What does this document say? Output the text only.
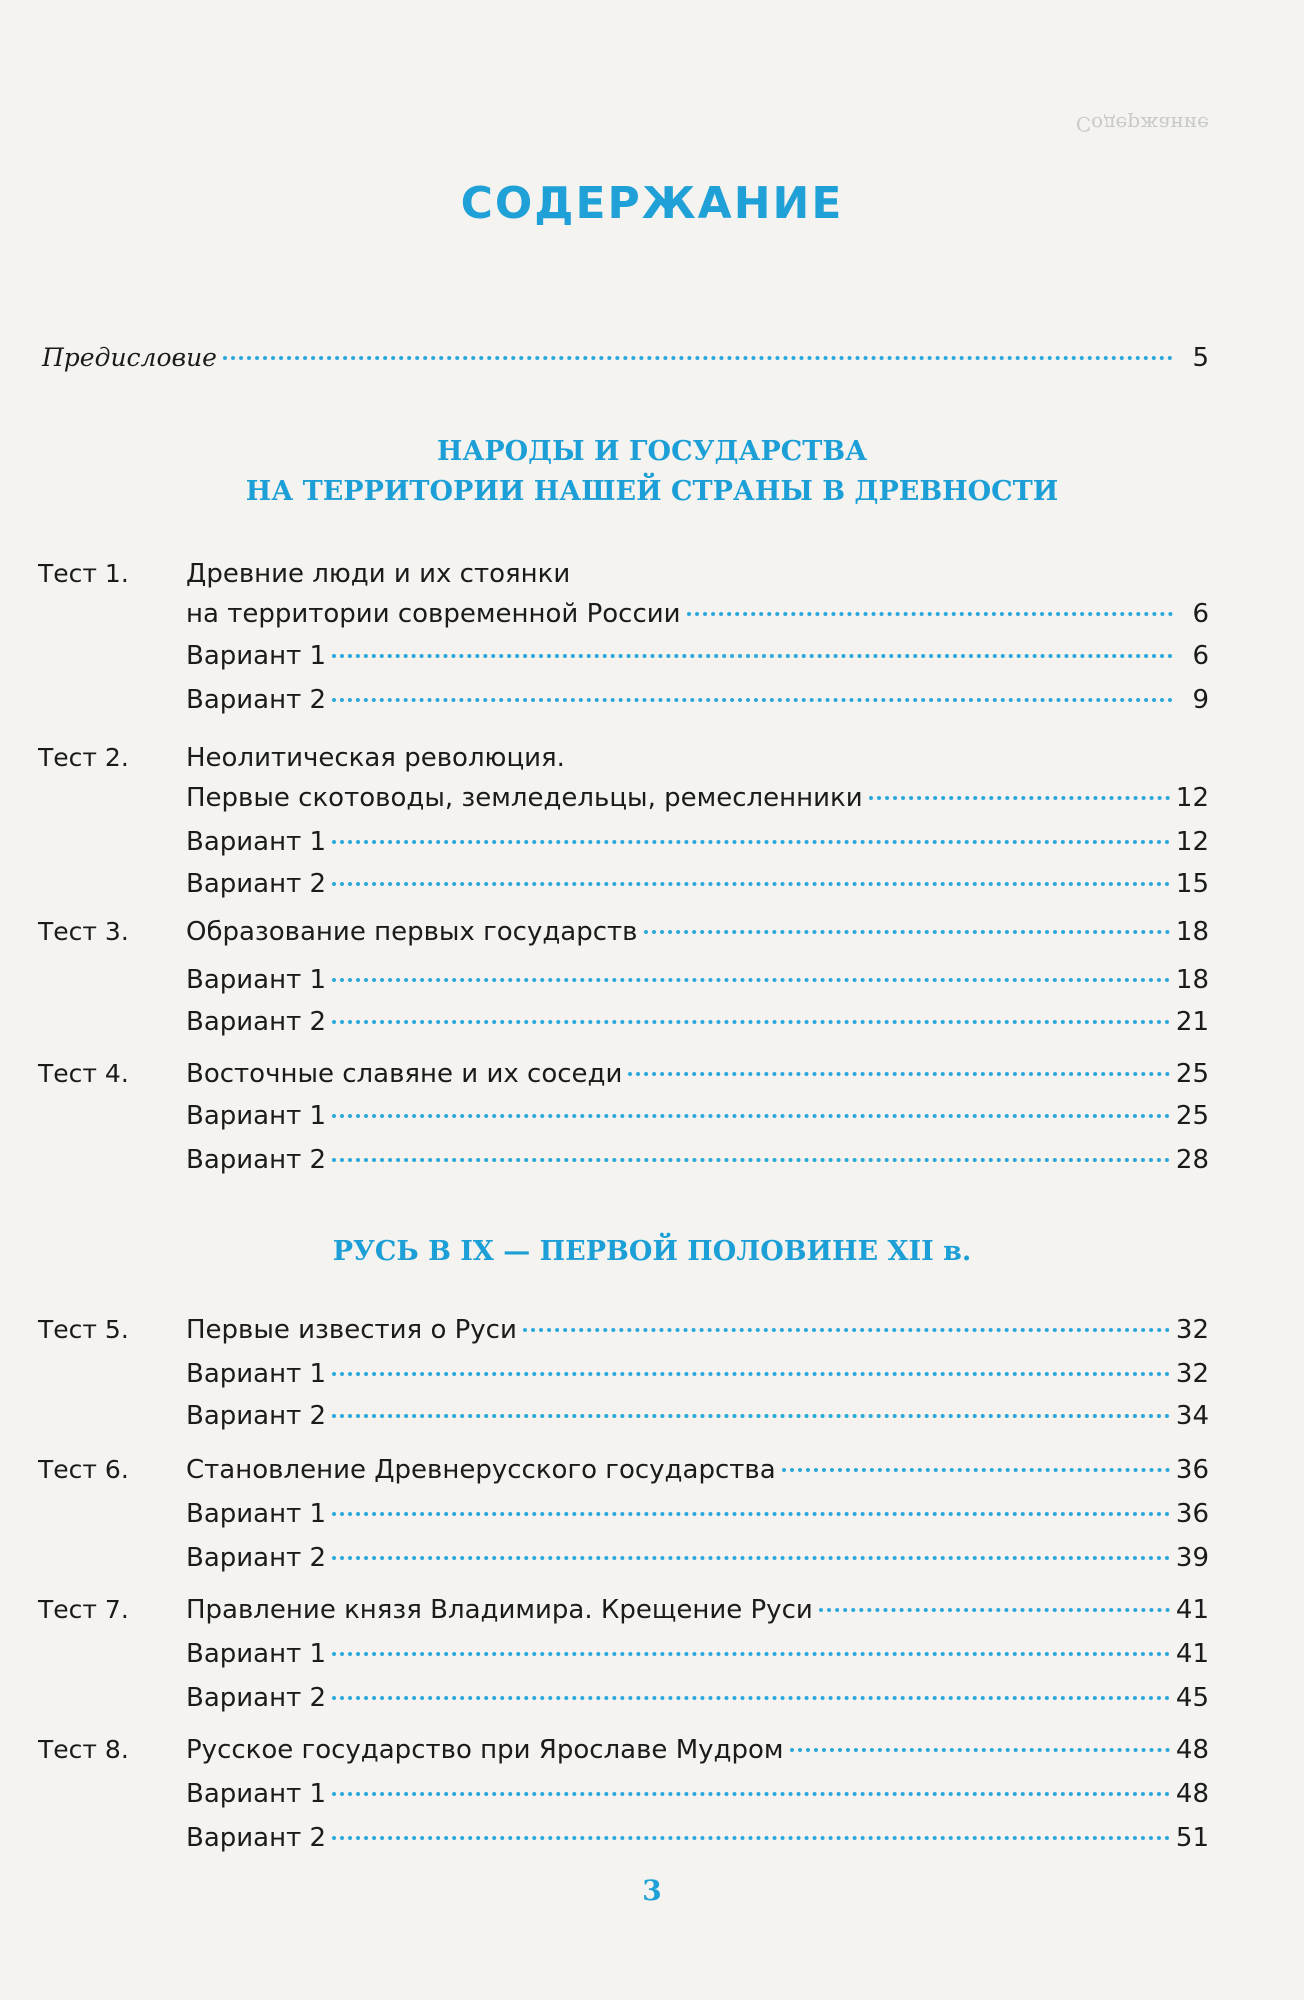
Содержание
СОДЕРЖАНИЕ
Предисловие	5
НАРОДЫ И ГОСУДАРСТВА
НА ТЕРРИТОРИИ НАШЕЙ СТРАНЫ В ДРЕВНОСТИ
Тест 1. Древние люди и их стоянки
на территории современной России	6
Вариант 1	6
Вариант 2	9
Тест 2. Неолитическая революция.
Первые скотоводы, земледельцы, ремесленники	12
Вариант 1	12
Вариант 2	15
Тест 3. Образование первых государств	18
Вариант 1	18
Вариант 2	21
Тест 4. Восточные славяне и их соседи	25
Вариант 1	25
Вариант 2	28
Тест 5. Первые известия о Руси	32
Вариант 1	32
Вариант 2	34
Тест 6. Становление Древнерусского государства	36
Вариант 1	36
Вариант 2	39
Тест 7. Правление князя Владимира. Крещение Руси	41
Вариант 1	41
Вариант 2	45
Тест 8. Русское государство при Ярославе Мудром	48
Вариант 1	48
Вариант 2	51
РУСЬ В IX — ПЕРВОЙ ПОЛОВИНЕ XII в.
3
